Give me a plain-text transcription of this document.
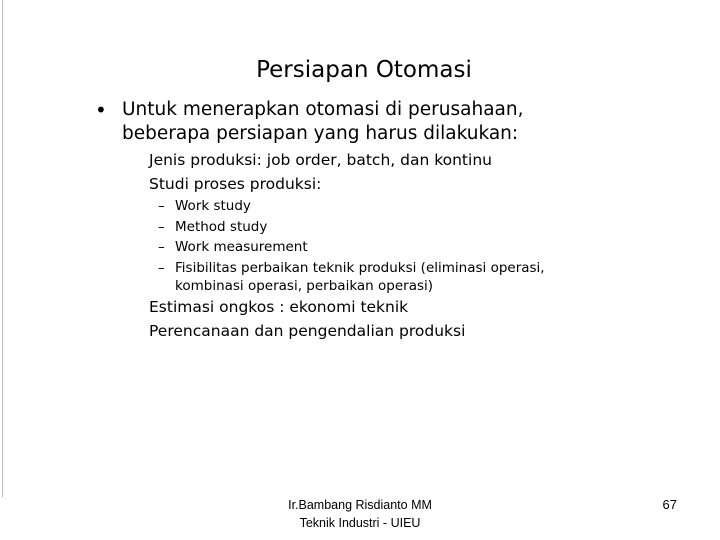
Persiapan Otomasi
• Untuk menerapkan otomasi di perusahaan,
beberapa persiapan yang harus dilakukan:
Jenis produksi: job order, batch, dan kontinu
Studi proses produksi:
– Work study
– Method study
– Work measurement
– Fisibilitas perbaikan teknik produksi (eliminasi operasi,
kombinasi operasi, perbaikan operasi)
Estimasi ongkos : ekonomi teknik
Perencanaan dan pengendalian produksi
Ir.Bambang Risdianto MM
Teknik Industri - UIEU
67
